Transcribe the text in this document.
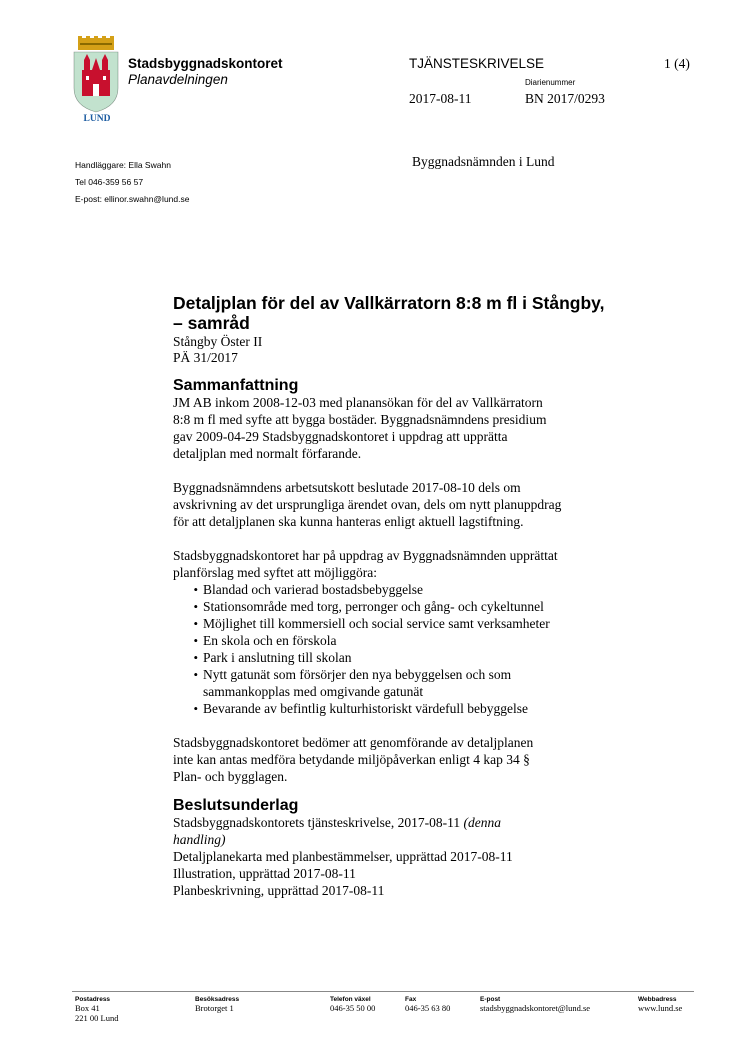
LUND
Stadsbyggnadskontoret
Planavdelningen
TJÄNSTESKRIVELSE	1 (4)
Diarienummer
2017-08-11	BN 2017/0293
Handläggare: Ella Swahn
Tel 046-359 56 57
E-post: ellinor.swahn@lund.se
Byggnadsnämnden i Lund
Detaljplan för del av Vallkärratorn 8:8 m fl i Stångby,
– samråd
Stångby Öster II
PÄ 31/2017
Sammanfattning

JM AB inkom 2008-12-03 med planansökan för del av Vallkärratorn
8:8 m fl med syfte att bygga bostäder. Byggnadsnämndens presidium
gav 2009-04-29 Stadsbyggnadskontoret i uppdrag att upprätta
detaljplan med normalt förfarande.

Byggnadsnämndens arbetsutskott beslutade 2017-08-10 dels om
avskrivning av det ursprungliga ärendet ovan, dels om nytt planuppdrag
för att detaljplanen ska kunna hanteras enligt aktuell lagstiftning.

Stadsbyggnadskontoret har på uppdrag av Byggnadsnämnden upprättat
planförslag med syftet att möjliggöra:

• Blandad och varierad bostadsbebyggelse
• Stationsområde med torg, perronger och gång- och cykeltunnel
• Möjlighet till kommersiell och social service samt verksamheter
• En skola och en förskola
• Park i anslutning till skolan
• Nytt gatunät som försörjer den nya bebyggelsen och som
sammankopplas med omgivande gatunät
• Bevarande av befintlig kulturhistoriskt värdefull bebyggelse

Stadsbyggnadskontoret bedömer att genomförande av detaljplanen
inte kan antas medföra betydande miljöpåverkan enligt 4 kap 34 §
Plan- och bygglagen.

Beslutsunderlag

Stadsbyggnadskontorets tjänsteskrivelse, 2017-08-11 (denna
handling)
Detaljplanekarta med planbestämmelser, upprättad 2017-08-11
Illustration, upprättad 2017-08-11
Planbeskrivning, upprättad 2017-08-11

Postadress
Box 41
221 00 Lund
Besöksadress
Brotorget 1
Telefon växel
046-35 50 00
Fax
046-35 63 80
E-post
stadsbyggnadskontoret@lund.se
Webbadress
www.lund.se
